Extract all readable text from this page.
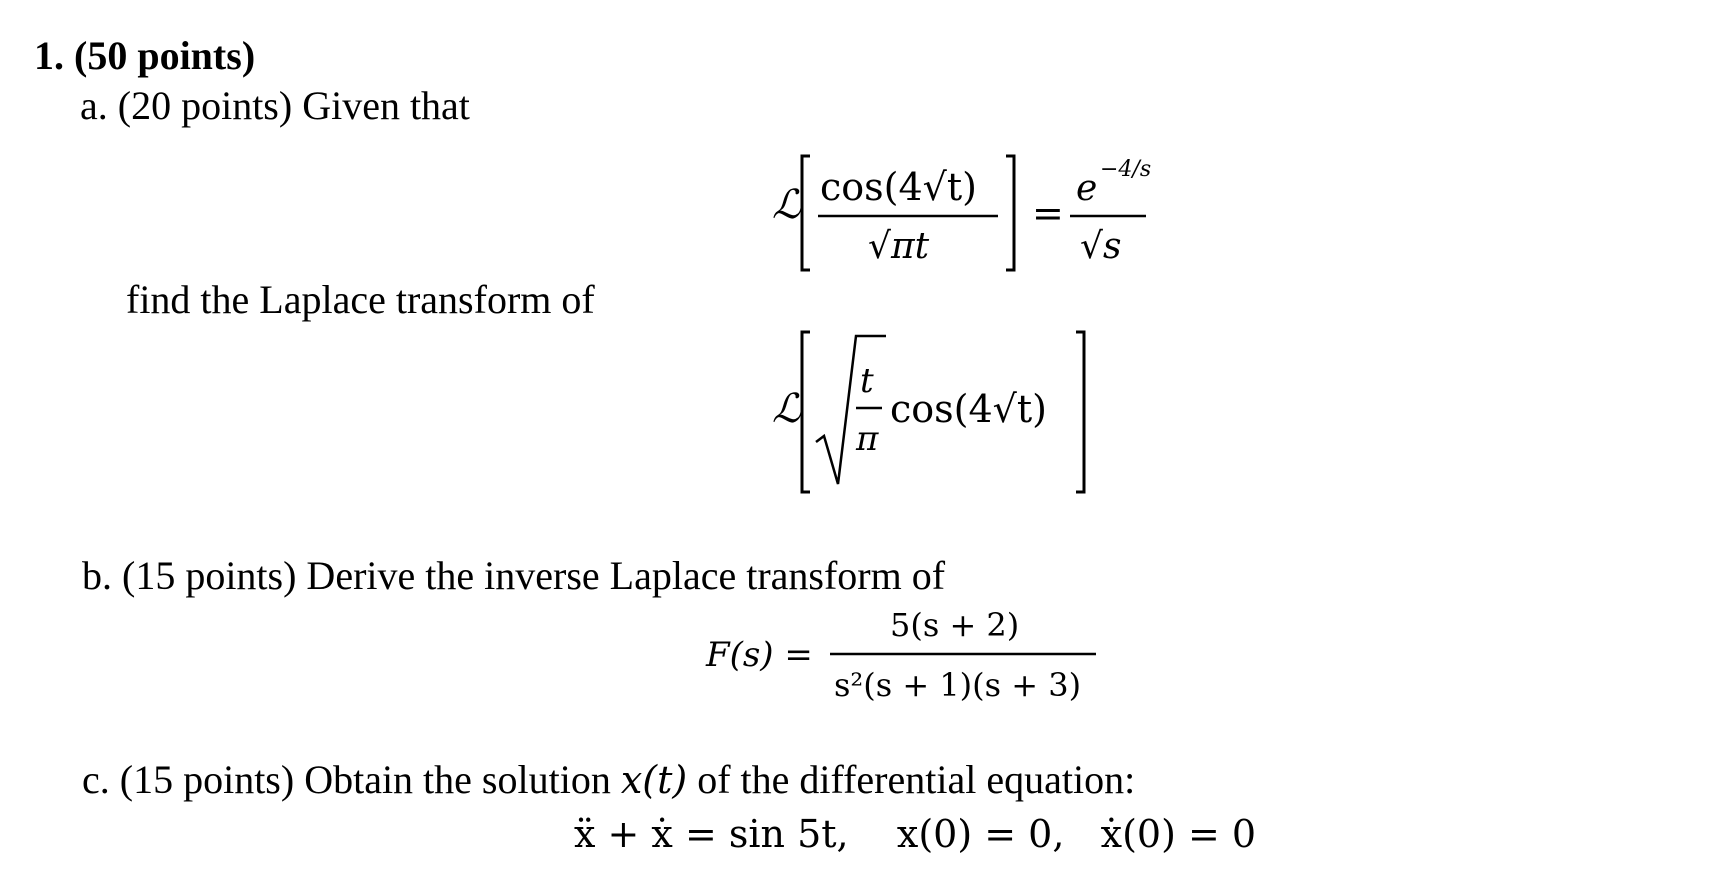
1. (50 points)
a. (20 points) Given that
ℒ cos(4√t)
√πt
=
e −4/s
√s
find the Laplace transform of
ℒ
t
π
cos(4√t)
b. (15 points) Derive the inverse Laplace transform of
F(s) =
5(s + 2)
s²(s + 1)(s + 3)
c. (15 points) Obtain the solution x(t) of the differential equation:
ẍ + ẋ = sin 5t,    x(0) = 0,   ẋ(0) = 0
